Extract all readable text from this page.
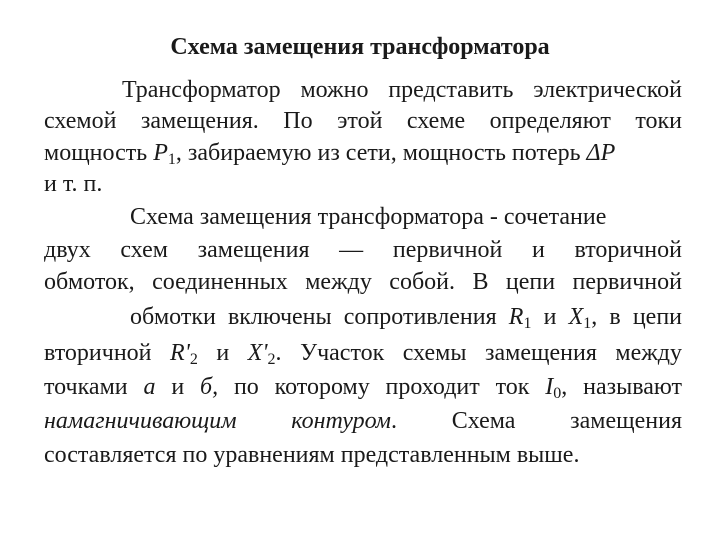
Схема замещения трансформатора
Трансформатор можно представить электрической
схемой замещения. По этой схеме определяют токи
мощность $P_1$, забираемую из сети, мощность потерь ΔP
и т. п.
Схема замещения трансформатора - сочетание
двух схем замещения — первичной и вторичной
обмоток, соединенных между собой. В цепи первичной
обмотки включены сопротивления $R_1$ и $X_1$, в цепи
вторичной $R'_2$ и $X'_2$. Участок схемы замещения между
точками а и б, по которому проходит ток $I_0$, называют
намагничивающим контуром. Схема замещения
составляется по уравнениям представленным выше.
